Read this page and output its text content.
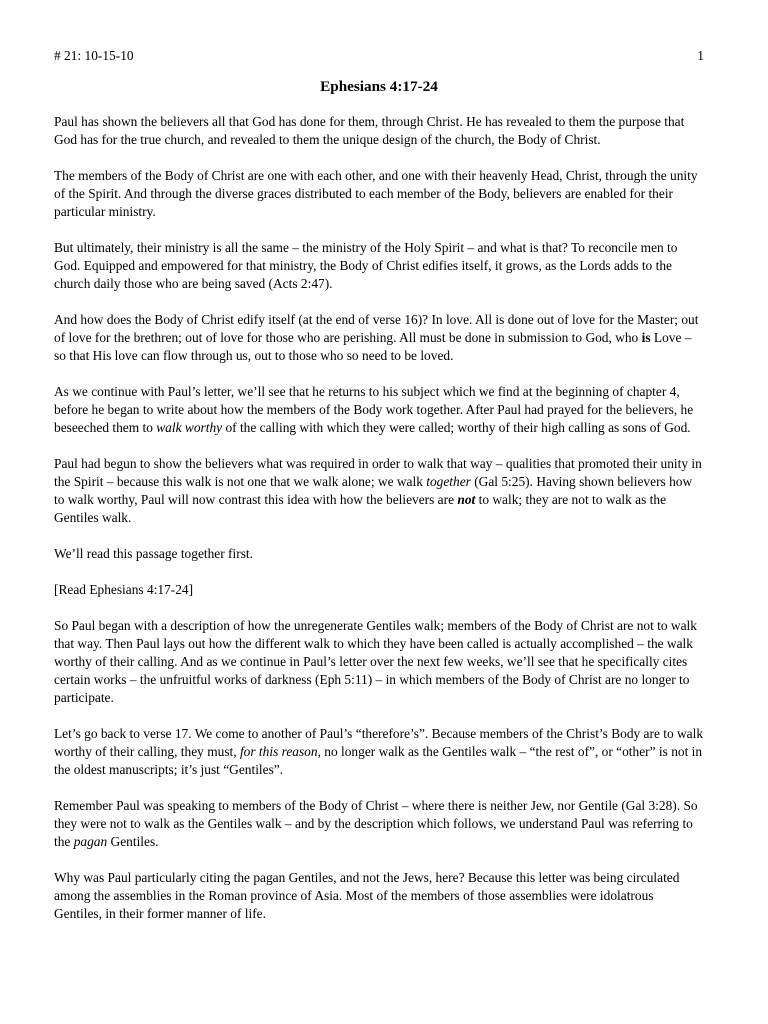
# 21: 10-15-10	1
Ephesians 4:17-24

Paul has shown the believers all that God has done for them, through Christ. He has revealed to them the purpose that God has for the true church, and revealed to them the unique design of the church, the Body of Christ.

The members of the Body of Christ are one with each other, and one with their heavenly Head, Christ, through the unity of the Spirit. And through the diverse graces distributed to each member of the Body, believers are enabled for their particular ministry.

But ultimately, their ministry is all the same – the ministry of the Holy Spirit – and what is that? To reconcile men to God. Equipped and empowered for that ministry, the Body of Christ edifies itself, it grows, as the Lords adds to the church daily those who are being saved (Acts 2:47).

And how does the Body of Christ edify itself (at the end of verse 16)? In love. All is done out of love for the Master; out of love for the brethren; out of love for those who are perishing. All must be done in submission to God, who is Love – so that His love can flow through us, out to those who so need to be loved.

As we continue with Paul’s letter, we’ll see that he returns to his subject which we find at the beginning of chapter 4, before he began to write about how the members of the Body work together. After Paul had prayed for the believers, he beseeched them to walk worthy of the calling with which they were called; worthy of their high calling as sons of God.

Paul had begun to show the believers what was required in order to walk that way – qualities that promoted their unity in the Spirit – because this walk is not one that we walk alone; we walk together (Gal 5:25). Having shown believers how to walk worthy, Paul will now contrast this idea with how the believers are not to walk; they are not to walk as the Gentiles walk.

We’ll read this passage together first.

[Read Ephesians 4:17-24]

So Paul began with a description of how the unregenerate Gentiles walk; members of the Body of Christ are not to walk that way. Then Paul lays out how the different walk to which they have been called is actually accomplished – the walk worthy of their calling. And as we continue in Paul’s letter over the next few weeks, we’ll see that he specifically cites certain works – the unfruitful works of darkness (Eph 5:11) – in which members of the Body of Christ are no longer to participate.

Let’s go back to verse 17. We come to another of Paul’s “therefore’s”. Because members of the Christ’s Body are to walk worthy of their calling, they must, for this reason, no longer walk as the Gentiles walk – “the rest of”, or “other” is not in the oldest manuscripts; it’s just “Gentiles”.

Remember Paul was speaking to members of the Body of Christ – where there is neither Jew, nor Gentile (Gal 3:28). So they were not to walk as the Gentiles walk – and by the description which follows, we understand Paul was referring to the pagan Gentiles.

Why was Paul particularly citing the pagan Gentiles, and not the Jews, here? Because this letter was being circulated among the assemblies in the Roman province of Asia. Most of the members of those assemblies were idolatrous Gentiles, in their former manner of life.
